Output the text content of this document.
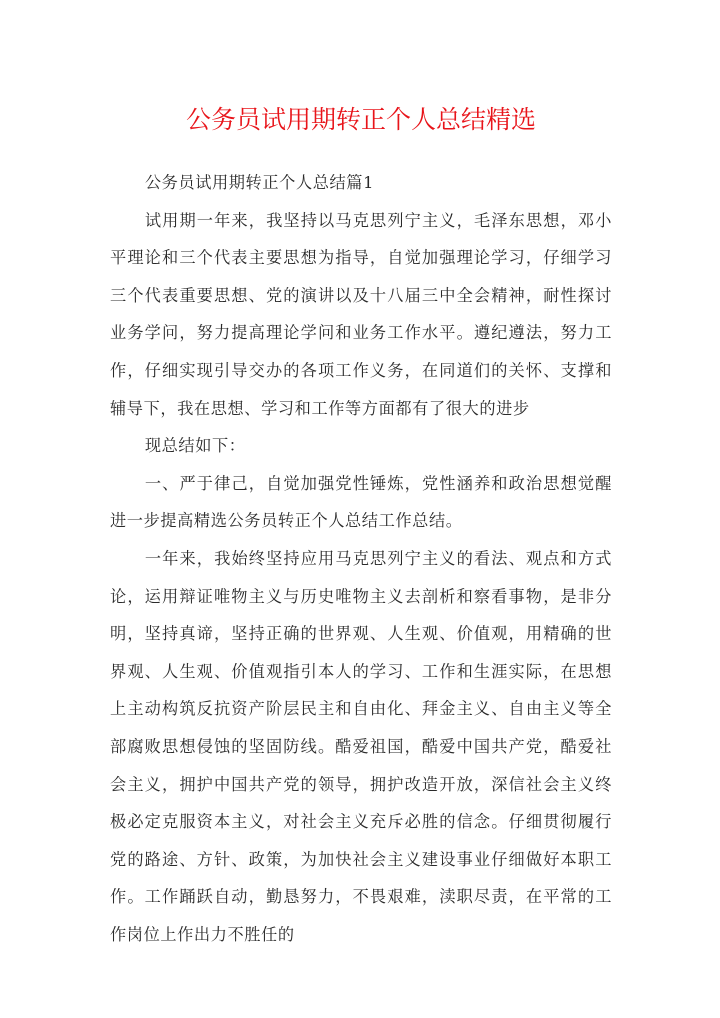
公务员试用期转正个人总结精选

公务员试用期转正个人总结篇1

试用期一年来，我坚持以马克思列宁主义，毛泽东思想，邓小平理论和三个代表主要思想为指导，自觉加强理论学习，仔细学习三个代表重要思想、党的演讲以及十八届三中全会精神，耐性探讨业务学问，努力提高理论学问和业务工作水平。遵纪遵法，努力工作，仔细实现引导交办的各项工作义务，在同道们的关怀、支撑和辅导下，我在思想、学习和工作等方面都有了很大的进步

现总结如下：

一、严于律己，自觉加强党性锤炼，党性涵养和政治思想觉醒进一步提高精选公务员转正个人总结工作总结。

一年来，我始终坚持应用马克思列宁主义的看法、观点和方式论，运用辩证唯物主义与历史唯物主义去剖析和察看事物，是非分明，坚持真谛，坚持正确的世界观、人生观、价值观，用精确的世界观、人生观、价值观指引本人的学习、工作和生涯实际，在思想上主动构筑反抗资产阶层民主和自由化、拜金主义、自由主义等全部腐败思想侵蚀的坚固防线。酷爱祖国，酷爱中国共产党，酷爱社会主义，拥护中国共产党的领导，拥护改造开放，深信社会主义终极必定克服资本主义，对社会主义充斥必胜的信念。仔细贯彻履行党的路途、方针、政策，为加快社会主义建设事业仔细做好本职工作。工作踊跃自动，勤恳努力，不畏艰难，渎职尽责，在平常的工作岗位上作出力不胜任的
